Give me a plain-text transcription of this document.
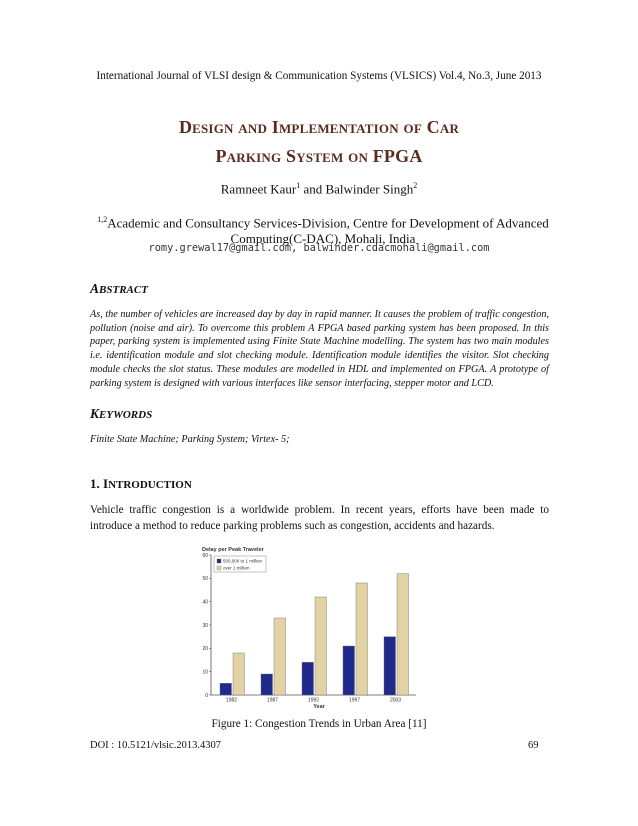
International Journal of VLSI design & Communication Systems (VLSICS) Vol.4, No.3, June 2013
Design and Implementation of Car
Parking System on FPGA
Ramneet Kaur$^1$ and Balwinder Singh$^2$
$^{1,2}$Academic and Consultancy Services-Division, Centre for Development of Advanced Computing(C-DAC), Mohali, India
romy.grewal17@gmail.com, balwinder.cdacmohali@gmail.com
ABSTRACT
As, the number of vehicles are increased day by day in rapid manner. It causes the problem of traffic congestion, pollution (noise and air). To overcome this problem A FPGA based parking system has been proposed. In this paper, parking system is implemented using Finite State Machine modelling. The system has two main modules i.e. identification module and slot checking module. Identification module identifies the visitor. Slot checking module checks the slot status. These modules are modelled in HDL and implemented on FPGA. A prototype of parking system is designed with various interfaces like sensor interfacing, stepper motor and LCD.
KEYWORDS
Finite State Machine; Parking System; Virtex- 5;
1. INTRODUCTION
Vehicle traffic congestion is a worldwide problem. In recent years, efforts have been made to introduce a method to reduce parking problems such as congestion, accidents and hazards.
Delay per Peak Traveler
0
10
20
30
40
50
60
1982	1987	1992	1997	2003
500,000 to 1 million
over 1 million
Year
Figure 1: Congestion Trends in Urban Area [11]
DOI : 10.5121/vlsic.2013.4307	69
